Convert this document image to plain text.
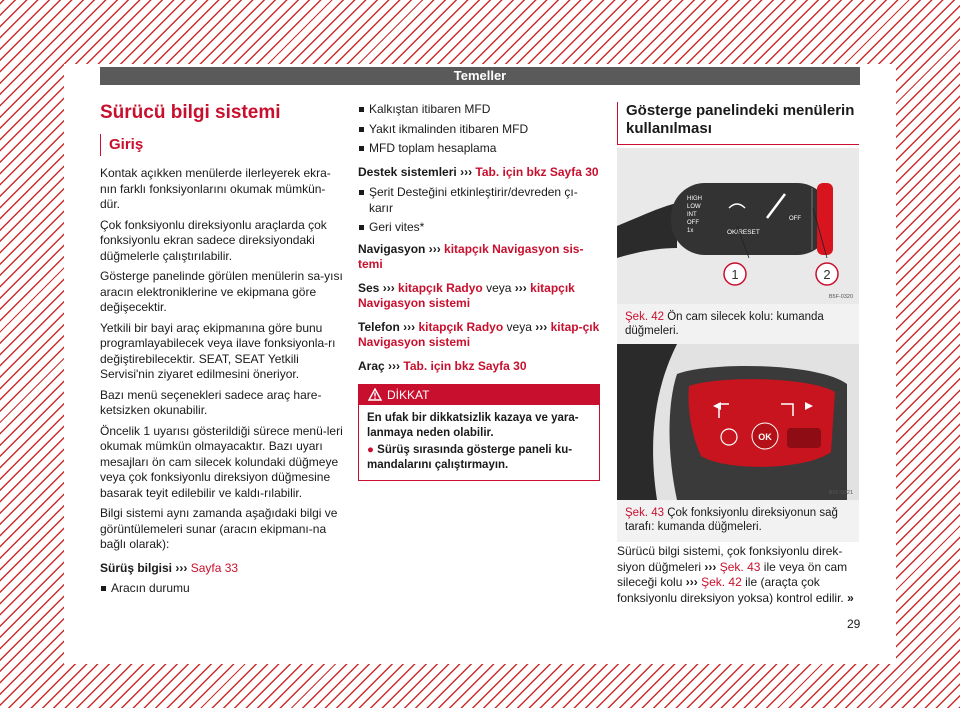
Temeller
Sürücü bilgi sistemi
Giriş

Kontak açıkken menülerde ilerleyerek ekra-nın farklı fonksiyonlarını okumak mümkün-dür.

Çok fonksiyonlu direksiyonlu araçlarda çok fonksiyonlu ekran sadece direksiyondaki düğmelerle çalıştırılabilir.

Gösterge panelinde görülen menülerin sa-yısı aracın elektroniklerine ve ekipmana göre değişecektir.

Yetkili bir bayi araç ekipmanına göre bunu programlayabilecek veya ilave fonksiyonla-rı değiştirebilecektir. SEAT, SEAT Yetkili Servisi'nin ziyaret edilmesini öneriyor.

Bazı menü seçenekleri sadece araç hare-ketsizken okunabilir.

Öncelik 1 uyarısı gösterildiği sürece menü-leri okumak mümkün olmayacaktır. Bazı uyarı mesajları ön cam silecek kolundaki düğmeye veya çok fonksiyonlu direksiyon düğmesine basarak teyit edilebilir ve kaldı-rılabilir.

Bilgi sistemi aynı zamanda aşağıdaki bilgi ve görüntülemeleri sunar (aracın ekipmanı-na bağlı olarak):

Sürüş bilgisi ››› Sayfa 33

Aracın durumu
Kalkıştan itibaren MFD
Yakıt ikmalinden itibaren MFD
MFD toplam hesaplama

Destek sistemleri ››› Tab. için bkz Sayfa 30

Şerit Desteğini etkinleştirir/devreden çı-karır
Geri vites*

Navigasyon ››› kitapçık Navigasyon sis-temi

Ses ››› kitapçık Radyo veya ››› kitapçık Navigasyon sistemi

Telefon ››› kitapçık Radyo veya ››› kitap-çık Navigasyon sistemi

Araç ››› Tab. için bkz Sayfa 30

DİKKAT
En ufak bir dikkatsizlik kazaya ve yara-lanmaya neden olabilir.
● Sürüş sırasında gösterge paneli ku-mandalarını çalıştırmayın.
Gösterge panelindeki menülerin kullanılması
HIGH
LOW
INT
OFF
1x	OK/RESET
OFF
1	2
B5F-0320
Şek. 42 Ön cam silecek kolu: kumanda düğmeleri.
OK
B5F-0321
Şek. 43 Çok fonksiyonlu direksiyonun sağ tarafı: kumanda düğmeleri.
Sürücü bilgi sistemi, çok fonksiyonlu direk-siyon düğmeleri ››› Şek. 43 ile veya ön cam sileceği kolu ››› Şek. 42 ile (araçta çok fonksiyonlu direksiyon yoksa) kontrol edilir. »
29
